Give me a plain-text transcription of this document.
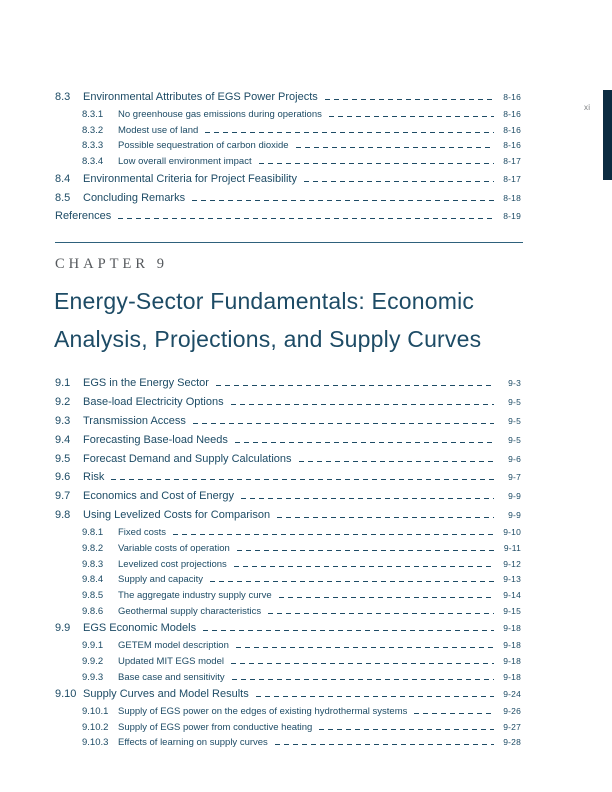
8.3	Environmental Attributes of EGS Power Projects	8-16
8.3.1	No greenhouse gas emissions during operations	8-16
8.3.2	Modest use of land	8-16
8.3.3	Possible sequestration of carbon dioxide	8-16
8.3.4	Low overall environment impact	8-17
8.4	Environmental Criteria for Project Feasibility	8-17
8.5	Concluding Remarks	8-18
References	8-19
CHAPTER 9
Energy-Sector Fundamentals: Economic
Analysis, Projections, and Supply Curves
9.1	EGS in the Energy Sector	9-3
9.2	Base-load Electricity Options	9-5
9.3	Transmission Access	9-5
9.4	Forecasting Base-load Needs	9-5
9.5	Forecast Demand and Supply Calculations	9-6
9.6	Risk	9-7
9.7	Economics and Cost of Energy	9-9
9.8	Using Levelized Costs for Comparison	9-9
9.8.1	Fixed costs	9-10
9.8.2	Variable costs of operation	9-11
9.8.3	Levelized cost projections	9-12
9.8.4	Supply and capacity	9-13
9.8.5	The aggregate industry supply curve	9-14
9.8.6	Geothermal supply characteristics	9-15
9.9	EGS Economic Models	9-18
9.9.1	GETEM model description	9-18
9.9.2	Updated MIT EGS model	9-18
9.9.3	Base case and sensitivity	9-18
9.10 Supply Curves and Model Results	9-24
9.10.1	Supply of EGS power on the edges of existing hydrothermal systems	9-26
9.10.2	Supply of EGS power from conductive heating	9-27
9.10.3	Effects of learning on supply curves	9-28
xi
